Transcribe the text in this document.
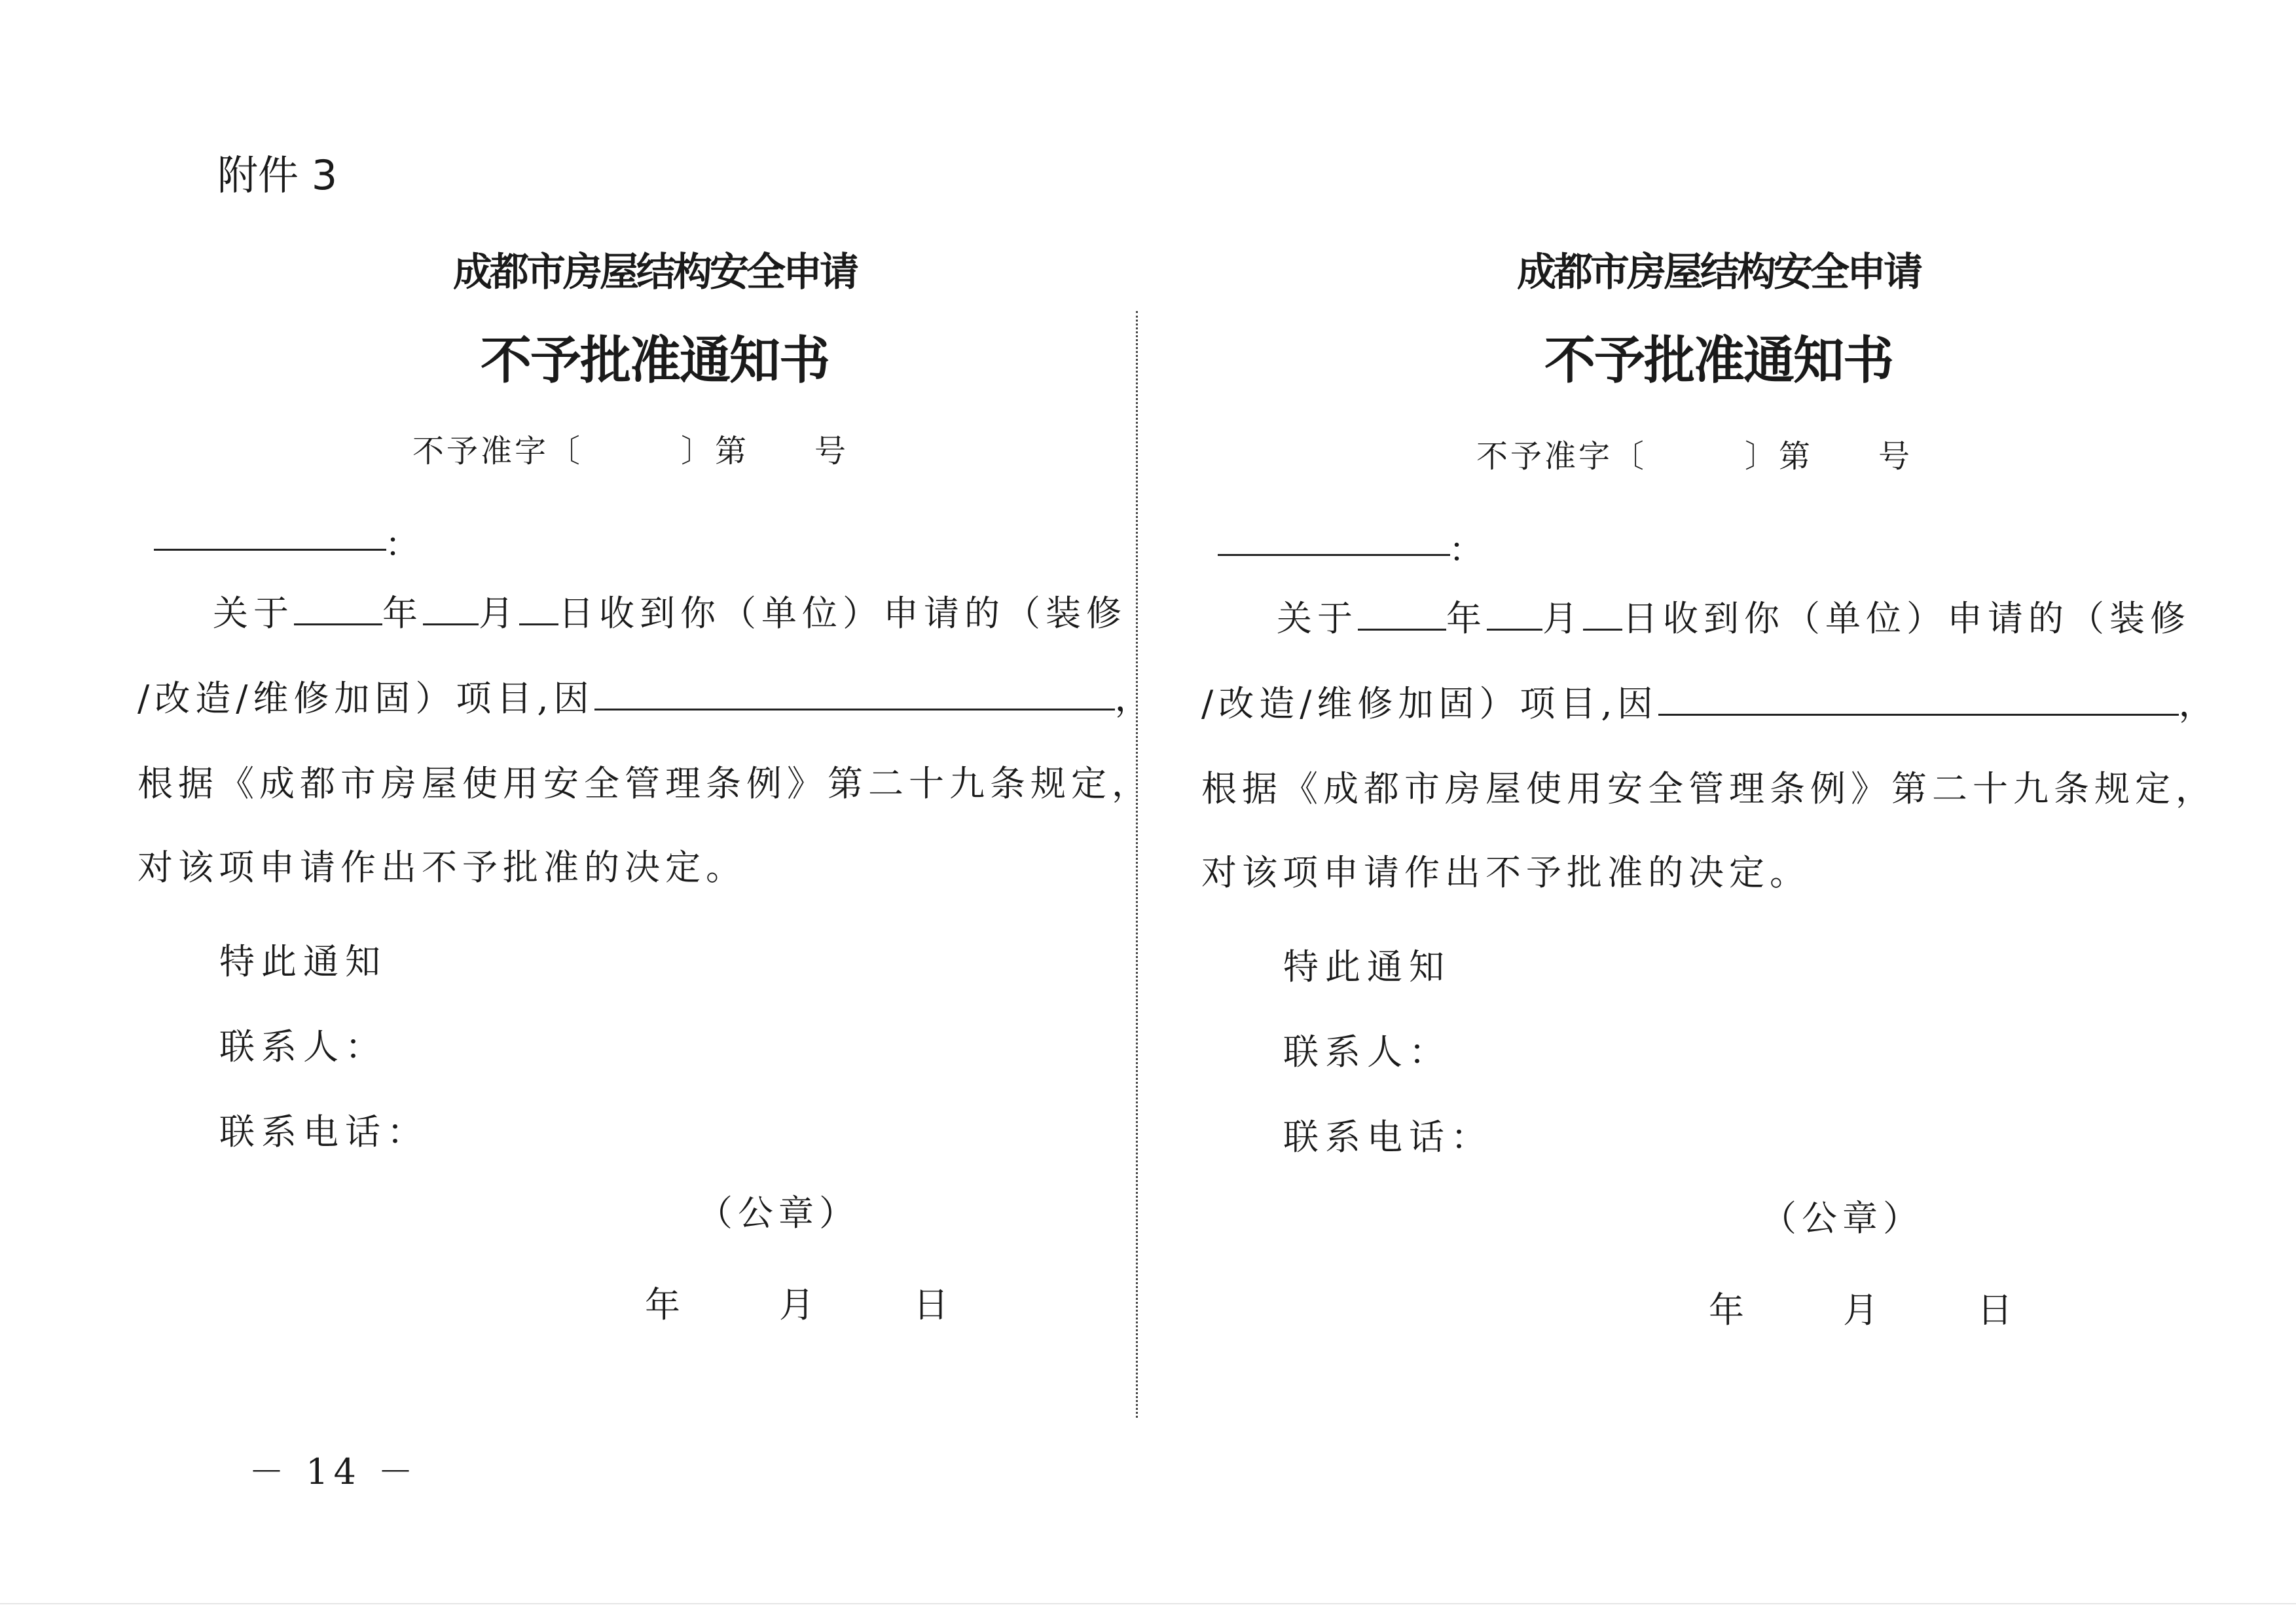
附件 3
成都市房屋结构安全申请
不予批准通知书
不予准字〔	〕第 号
：
关于	年 月 日收到你（单位）申请的（装修
/改造/维修加固）项目,因	，
根据《成都市房屋使用安全管理条例》第二十九条规定，
对该项申请作出不予批准的决定。
特此通知
联系人：
联系电话：
（公章）
年	月	日
成都市房屋结构安全申请
不予批准通知书
不予准字〔	〕第 号
：
关于	年 月 日收到你（单位）申请的（装修
/改造/维修加固）项目,因	，
根据《成都市房屋使用安全管理条例》第二十九条规定，
对该项申请作出不予批准的决定。
特此通知
联系人：
联系电话：
（公章）
年	月	日
－ 14 －
